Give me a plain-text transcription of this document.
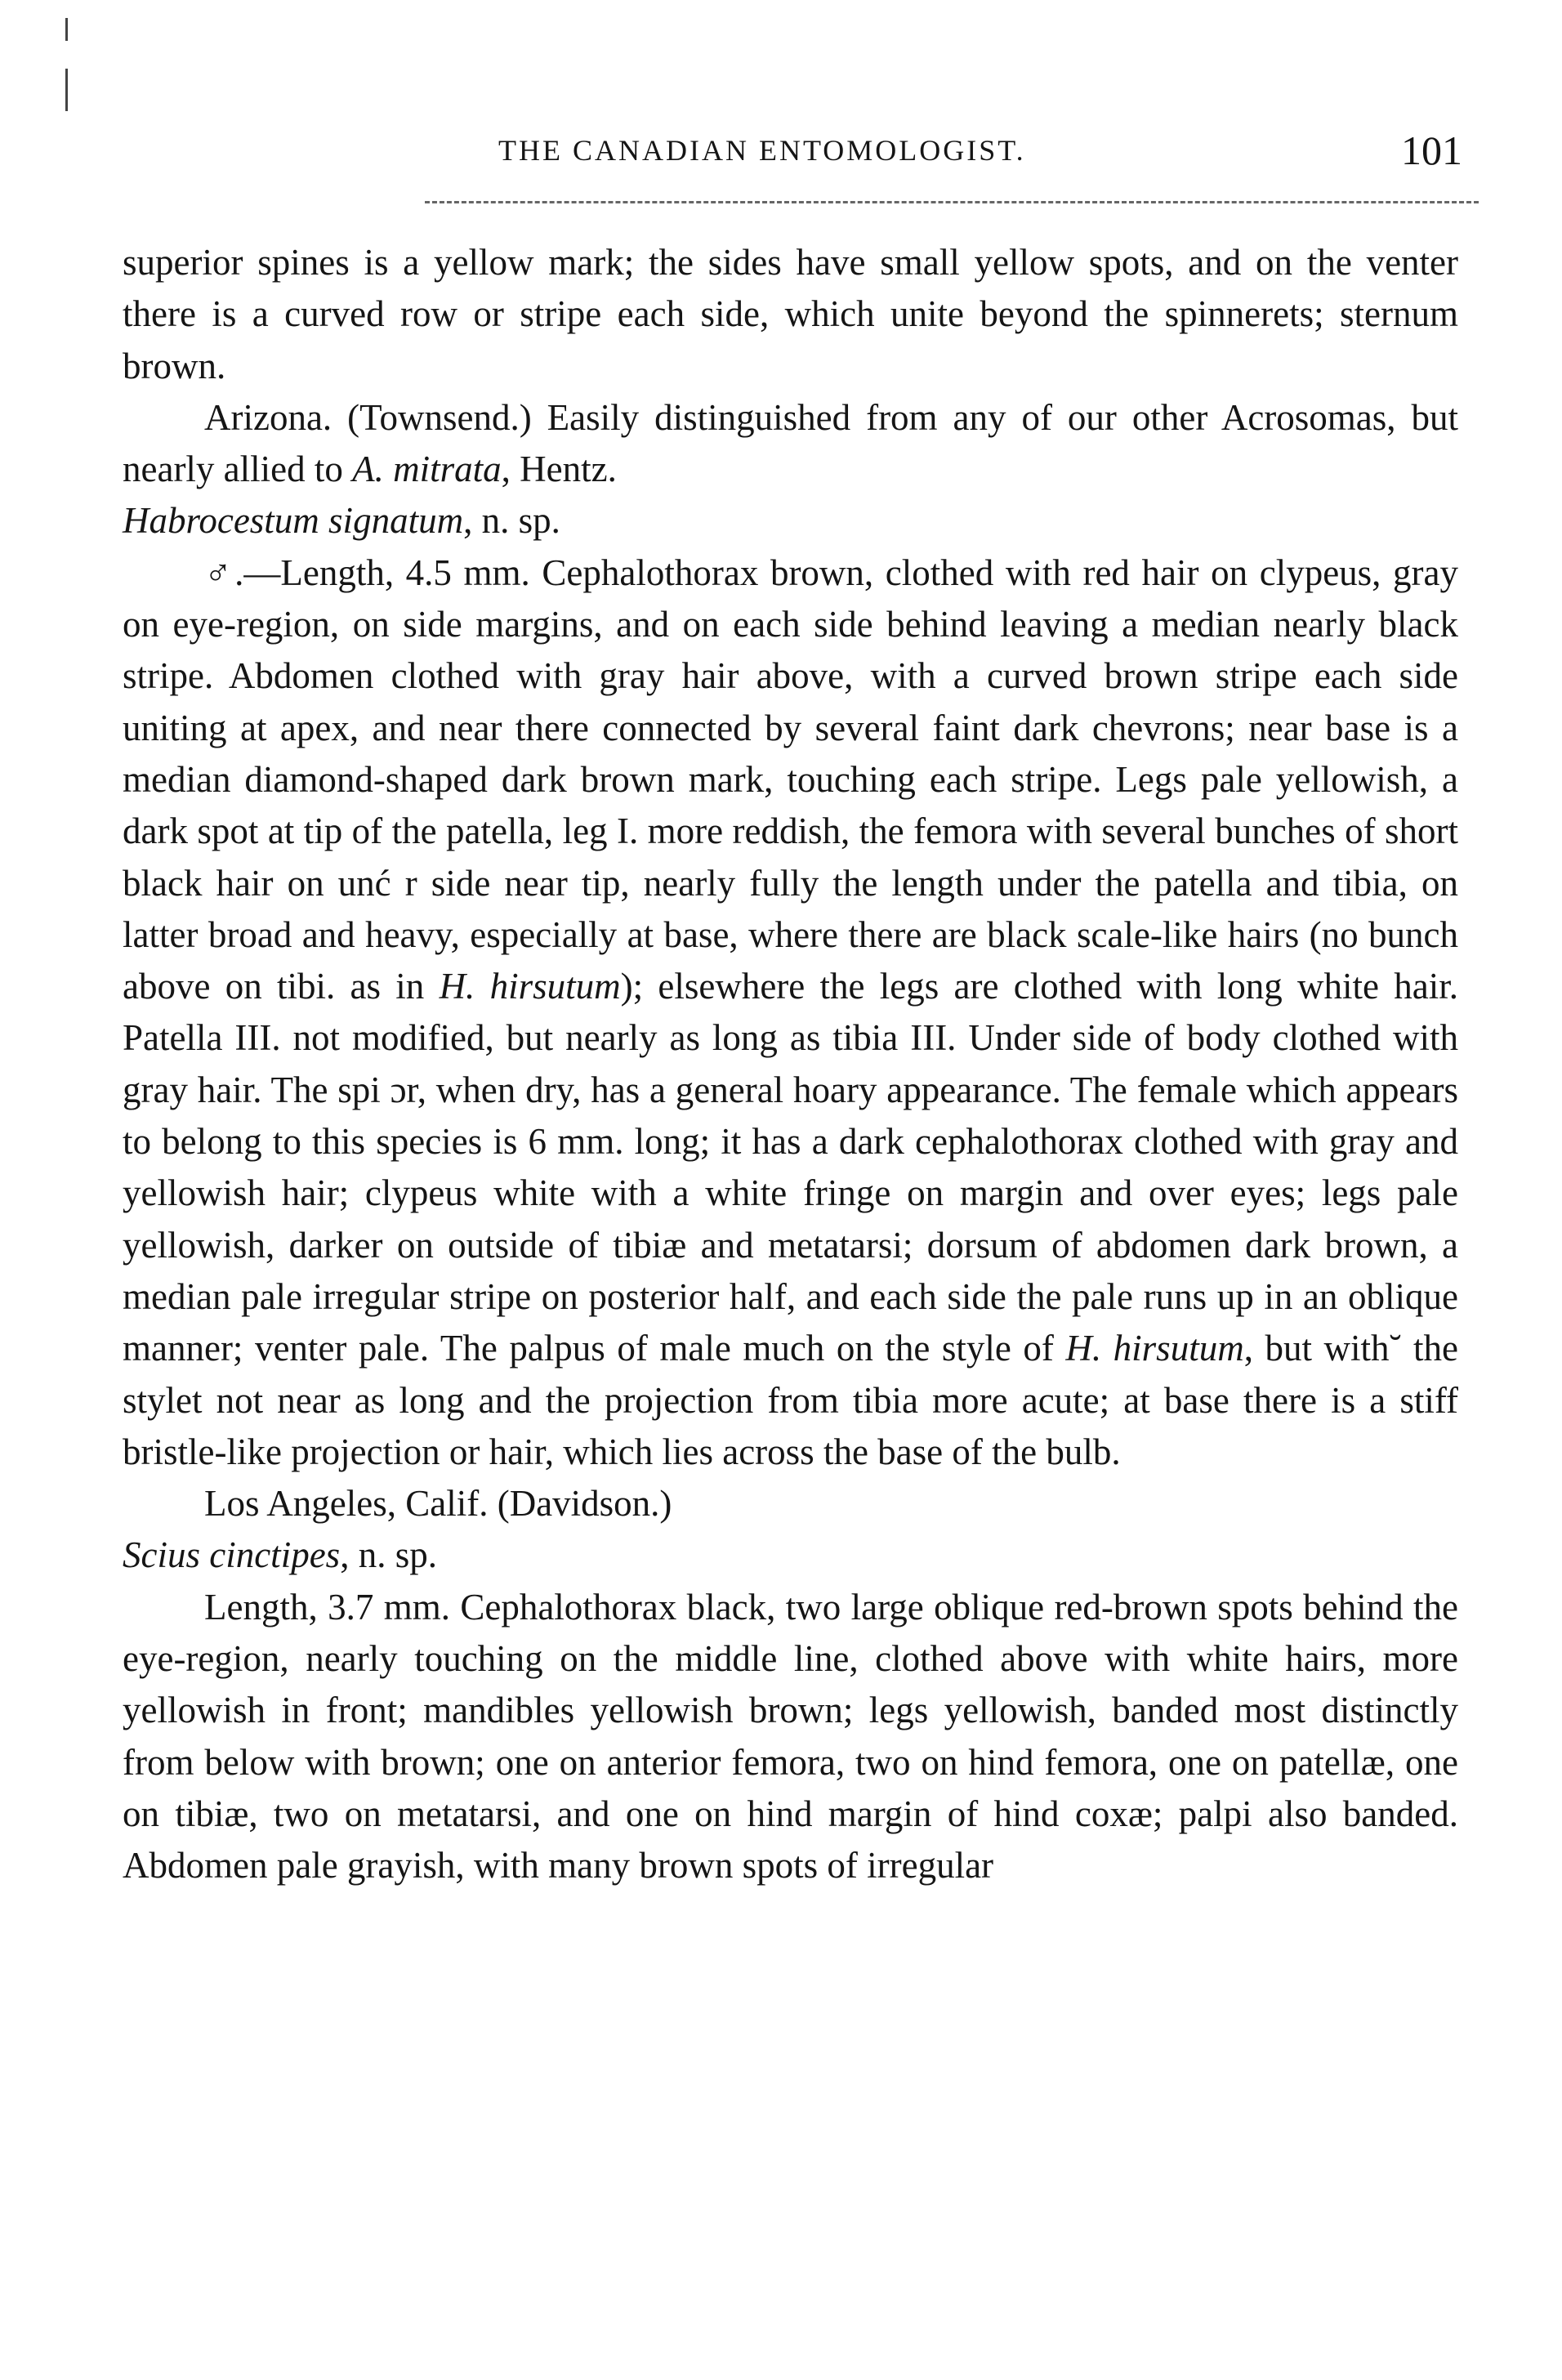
THE CANADIAN ENTOMOLOGIST.	101

superior spines is a yellow mark; the sides have small yellow spots, and on the venter there is a curved row or stripe each side, which unite beyond the spinnerets; sternum brown.

Arizona. (Townsend.) Easily distinguished from any of our other Acrosomas, but nearly allied to A. mitrata, Hentz.

Habrocestum signatum, n. sp.

♂.—Length, 4.5 mm. Cephalothorax brown, clothed with red hair on clypeus, gray on eye-region, on side margins, and on each side behind leaving a median nearly black stripe. Abdomen clothed with gray hair above, with a curved brown stripe each side uniting at apex, and near there connected by several faint dark chevrons; near base is a median diamond-shaped dark brown mark, touching each stripe. Legs pale yellowish, a dark spot at tip of the patella, leg I. more reddish, the femora with several bunches of short black hair on unć r side near tip, nearly fully the length under the patella and tibia, on latter broad and heavy, especially at base, where there are black scale-like hairs (no bunch above on tibi. as in H. hirsutum); elsewhere the legs are clothed with long white hair. Patella III. not modified, but nearly as long as tibia III. Under side of body clothed with gray hair. The spi ɔr, when dry, has a general hoary appearance. The female which appears to belong to this species is 6 mm. long; it has a dark cephalothorax clothed with gray and yellowish hair; clypeus white with a white fringe on margin and over eyes; legs pale yellowish, darker on outside of tibiæ and metatarsi; dorsum of abdomen dark brown, a median pale irregular stripe on posterior half, and each side the pale runs up in an oblique manner; venter pale. The palpus of male much on the style of H. hirsutum, but with˘ the stylet not near as long and the projection from tibia more acute; at base there is a stiff bristle-like projection or hair, which lies across the base of the bulb.

Los Angeles, Calif. (Davidson.)

Scius cinctipes, n. sp.

Length, 3.7 mm. Cephalothorax black, two large oblique red-brown spots behind the eye-region, nearly touching on the middle line, clothed above with white hairs, more yellowish in front; mandibles yellowish brown; legs yellowish, banded most distinctly from below with brown; one on anterior femora, two on hind femora, one on patellæ, one on tibiæ, two on metatarsi, and one on hind margin of hind coxæ; palpi also banded. Abdomen pale grayish, with many brown spots of irregular
